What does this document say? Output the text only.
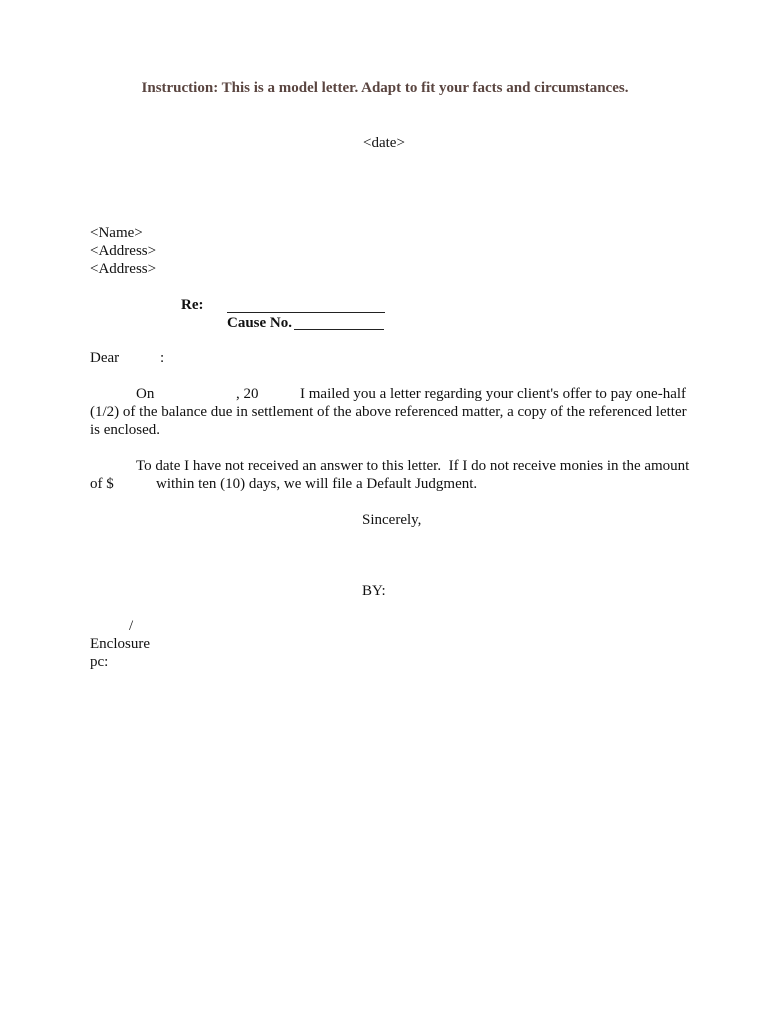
Instruction: This is a model letter. Adapt to fit your facts and circumstances.
<date>
<Name>
<Address>
<Address>
Re:
Cause No.
Dear	:
On	, 20	I mailed you a letter regarding your client's offer to pay one-half
(1/2) of the balance due in settlement of the above referenced matter, a copy of the referenced letter
is enclosed.
To date I have not received an answer to this letter.  If I do not receive monies in the amount
of $	within ten (10) days, we will file a Default Judgment.
Sincerely,
BY:
/
Enclosure
pc:
